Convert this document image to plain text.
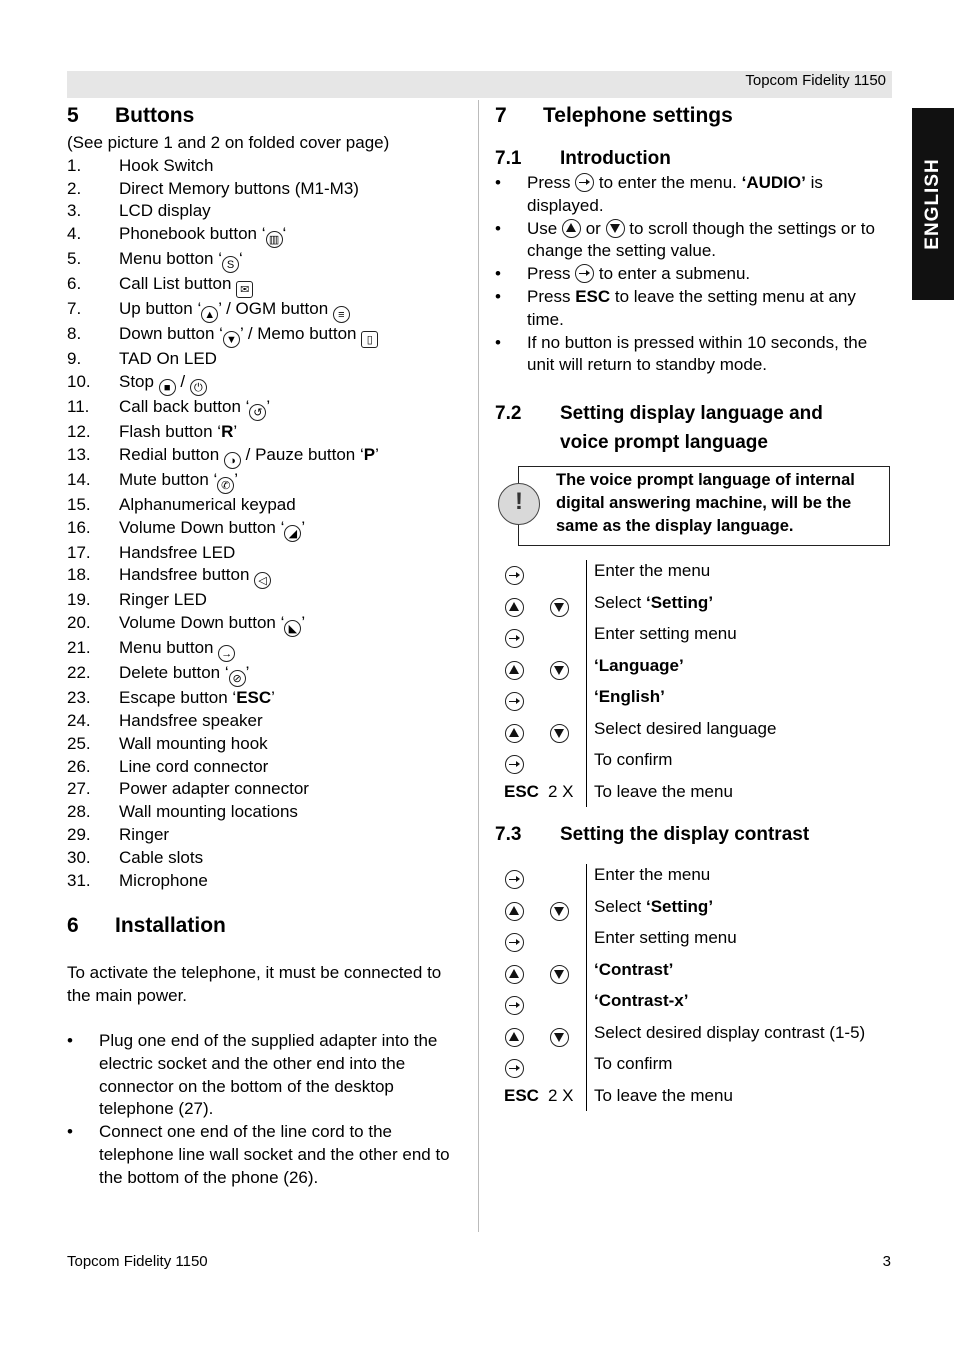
Topcom Fidelity 1150
ENGLISH
5 Buttons
(See picture 1 and 2 on folded cover page)
1. Hook Switch
2. Direct Memory buttons (M1-M3)
3. LCD display
4. Phonebook button ‘ ▥ ‘
5. Menu botton ‘ S ‘
6. Call List button ✉
7. Up button ‘ ▲ ’ / OGM button ≡
8. Down button ‘ ▼ ’ / Memo button ▯
9. TAD On LED
10. Stop ■ / ⏻
11. Call back button ‘ ↺ ’
12. Flash button ‘R’
13. Redial button ◑ / Pauze button ‘P’
14. Mute button ‘ ✆ ’
15. Alphanumerical keypad
16. Volume Down button ‘ ◢ ’
17. Handsfree LED
18. Handsfree button ◁
19. Ringer LED
20. Volume Down button ‘ ◣ ’
21. Menu button →
22. Delete button ‘ ⊘ ’
23. Escape button ‘ESC’
24. Handsfree speaker
25. Wall mounting hook
26. Line cord connector
27. Power adapter connector
28. Wall mounting locations
29. Ringer
30. Cable slots
31. Microphone
6 Installation
To activate the telephone, it must be connected to the main power.
• Plug one end of the supplied adapter into the electric socket and the other end into the connector on the bottom of the desktop telephone (27).
• Connect one end of the line cord to the telephone line wall socket and the other end to the bottom of the phone (26).
7 Telephone settings
7.1 Introduction
• Press  to enter the menu. ‘AUDIO’ is displayed.
• Use  or  to scroll though the settings or to change the setting value.
• Press  to enter a submenu.
• Press ESC to leave the setting menu at any time.
• If no button is pressed within 10 seconds, the unit will return to standby mode.
7.2 Setting display language and
voice prompt language
!
The voice prompt language of internal digital answering machine, will be the same as the display language.
Enter the menu
Select ‘Setting’
Enter setting menu
‘Language’
‘English’
Select desired language
To confirm
ESC 2 X To leave the menu
7.3 Setting the display contrast
Enter the menu
Select ‘Setting’
Enter setting menu
‘Contrast’
‘Contrast-x’
Select desired display contrast (1-5)
To confirm
ESC 2 X To leave the menu
Topcom Fidelity 1150	3
